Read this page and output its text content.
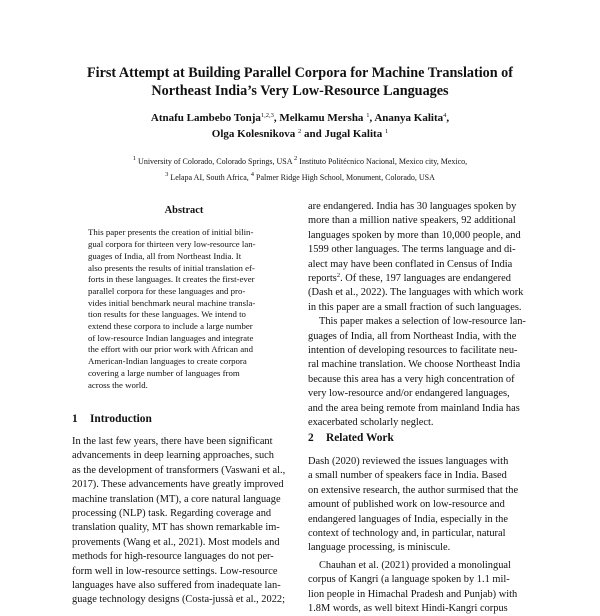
First Attempt at Building Parallel Corpora for Machine Translation of
Northeast India’s Very Low-Resource Languages
Atnafu Lambebo Tonja$^{1,2,3}$, Melkamu Mersha $^1$, Ananya Kalita$^4$,
Olga Kolesnikova $^2$ and Jugal Kalita $^1$
$^1$ University of Colorado, Colorado Springs, USA $^2$ Instituto Politécnico Nacional, Mexico city, Mexico,
$^3$ Lelapa AI, South Africa, $^4$ Palmer Ridge High School, Monument, Colorado, USA
Abstract
This paper presents the creation of initial bilin-
gual corpora for thirteen very low-resource lan-
guages of India, all from Northeast India. It
also presents the results of initial translation ef-
forts in these languages. It creates the first-ever
parallel corpora for these languages and pro-
vides initial benchmark neural machine transla-
tion results for these languages. We intend to
extend these corpora to include a large number
of low-resource Indian languages and integrate
the effort with our prior work with African and
American-Indian languages to create corpora
covering a large number of languages from
across the world.
1 Introduction
In the last few years, there have been significant
advancements in deep learning approaches, such
as the development of transformers (Vaswani et al.,
2017). These advancements have greatly improved
machine translation (MT), a core natural language
processing (NLP) task. Regarding coverage and
translation quality, MT has shown remarkable im-
provements (Wang et al., 2021). Most models and
methods for high-resource languages do not per-
form well in low-resource settings. Low-resource
languages have also suffered from inadequate lan-
guage technology designs (Costa-jussà et al., 2022;
are endangered. India has 30 languages spoken by
more than a million native speakers, 92 additional
languages spoken by more than 10,000 people, and
1599 other languages. The terms language and di-
alect may have been conflated in Census of India
reports$^2$. Of these, 197 languages are endangered
(Dash et al., 2022). The languages with which work
in this paper are a small fraction of such languages.
This paper makes a selection of low-resource lan-
guages of India, all from Northeast India, with the
intention of developing resources to facilitate neu-
ral machine translation. We choose Northeast India
because this area has a very high concentration of
very low-resource and/or endangered languages,
and the area being remote from mainland India has
exacerbated scholarly neglect.
2 Related Work
Dash (2020) reviewed the issues languages with
a small number of speakers face in India. Based
on extensive research, the author surmised that the
amount of published work on low-resource and
endangered languages of India, especially in the
context of technology and, in particular, natural
language processing, is miniscule.
Chauhan et al. (2021) provided a monolingual
corpus of Kangri (a language spoken by 1.1 mil-
lion people in Himachal Pradesh and Punjab) with
1.8M words, as well bitext Hindi-Kangri corpus
